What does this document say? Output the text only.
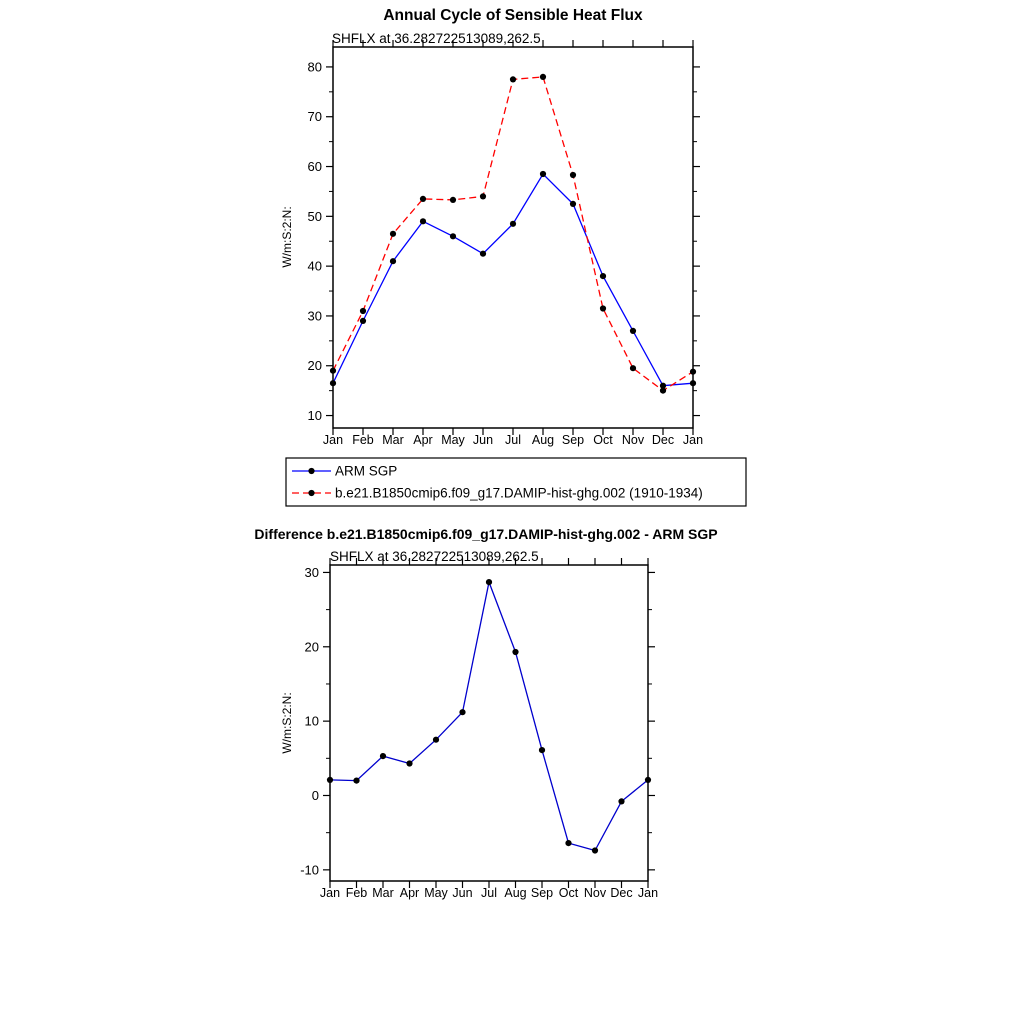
Annual Cycle of Sensible Heat Flux
SHFLX at 36.282722513089,262.5
W/m:S:2:N:
10
20
30
40
50
60
70
80
Jan Feb Mar Apr May Jun Jul Aug Sep Oct Nov Dec Jan
ARM SGP
b.e21.B1850cmip6.f09_g17.DAMIP-hist-ghg.002 (1910-1934)
Difference b.e21.B1850cmip6.f09_g17.DAMIP-hist-ghg.002 - ARM SGP
SHFLX at 36.282722513089,262.5
W/m:S:2:N:
-10
0
10
20
30
Jan Feb Mar Apr May Jun Jul Aug Sep Oct Nov Dec Jan
